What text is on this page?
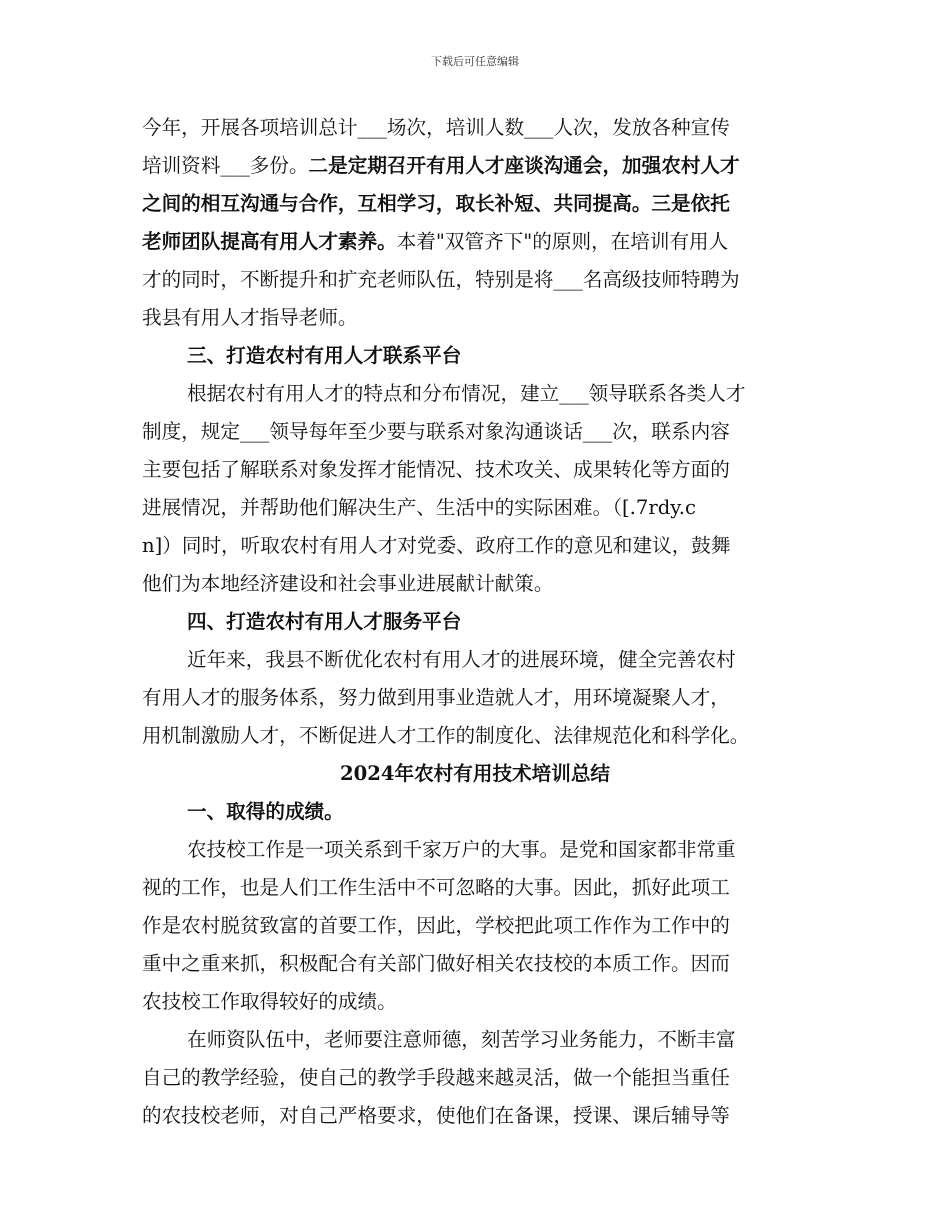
下载后可任意编辑
今年，开展各项培训总计___场次，培训人数___人次，发放各种宣传
培训资料___多份。二是定期召开有用人才座谈沟通会，加强农村人才
之间的相互沟通与合作，互相学习，取长补短、共同提高。三是依托
老师团队提高有用人才素养。本着"双管齐下"的原则，在培训有用人
才的同时，不断提升和扩充老师队伍，特别是将___名高级技师特聘为
我县有用人才指导老师。
三、打造农村有用人才联系平台
根据农村有用人才的特点和分布情况，建立___领导联系各类人才
制度，规定___领导每年至少要与联系对象沟通谈话___次，联系内容
主要包括了解联系对象发挥才能情况、技术攻关、成果转化等方面的
进展情况，并帮助他们解决生产、生活中的实际困难。（[.7rdy.c
n]）同时，听取农村有用人才对党委、政府工作的意见和建议，鼓舞
他们为本地经济建设和社会事业进展献计献策。
四、打造农村有用人才服务平台
近年来，我县不断优化农村有用人才的进展环境，健全完善农村
有用人才的服务体系，努力做到用事业造就人才，用环境凝聚人才，
用机制激励人才，不断促进人才工作的制度化、法律规范化和科学化。
2024年农村有用技术培训总结
一、取得的成绩。
农技校工作是一项关系到千家万户的大事。是党和国家都非常重
视的工作，也是人们工作生活中不可忽略的大事。因此，抓好此项工
作是农村脱贫致富的首要工作，因此，学校把此项工作作为工作中的
重中之重来抓，积极配合有关部门做好相关农技校的本质工作。因而
农技校工作取得较好的成绩。
在师资队伍中，老师要注意师德，刻苦学习业务能力，不断丰富
自己的教学经验，使自己的教学手段越来越灵活，做一个能担当重任
的农技校老师，对自己严格要求，使他们在备课，授课、课后辅导等
